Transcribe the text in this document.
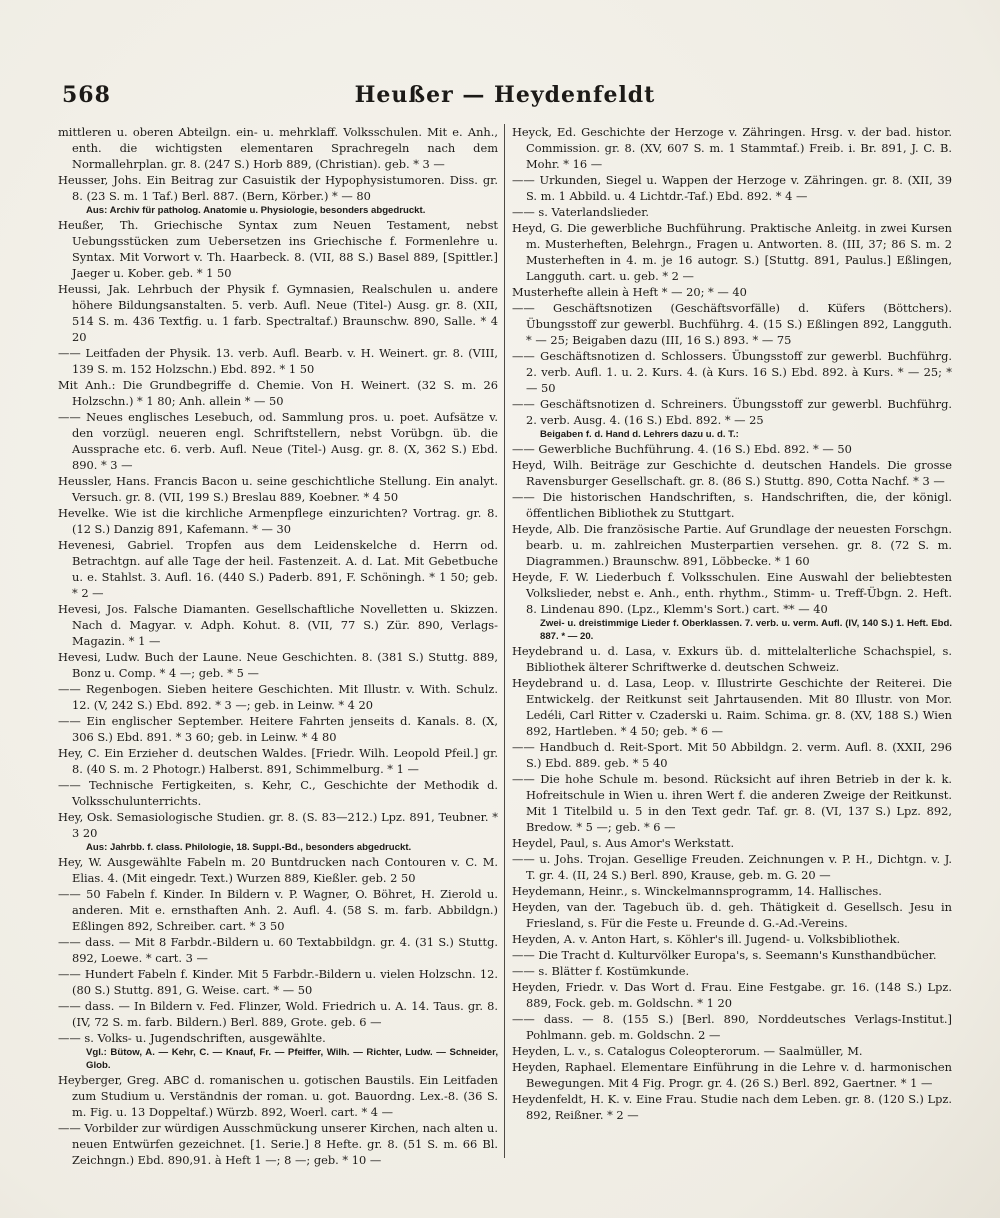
568	Heußer — Heydenfeldt

mittleren u. oberen Abteilgn. ein- u. mehrklaff. Volksschulen. Mit e. Anh., enth. die wichtigsten elementaren Sprachregeln nach dem Normallehrplan. gr. 8. (247 S.) Horb 889, (Christian). geb. * 3 —

Heusser, Johs. Ein Beitrag zur Casuistik der Hypophysistumoren. Diss. gr. 8. (23 S. m. 1 Taf.) Berl. 887. (Bern, Körber.) * — 80

Aus: Archiv für patholog. Anatomie u. Physiologie, besonders abgedruckt.

Heußer, Th. Griechische Syntax zum Neuen Testament, nebst Uebungsstücken zum Uebersetzen ins Griechische f. Formenlehre u. Syntax. Mit Vorwort v. Th. Haarbeck. 8. (VII, 88 S.) Basel 889, [Spittler.] Jaeger u. Kober. geb. * 1 50

Heussi, Jak. Lehrbuch der Physik f. Gymnasien, Realschulen u. andere höhere Bildungsanstalten. 5. verb. Aufl. Neue (Titel-) Ausg. gr. 8. (XII, 514 S. m. 436 Textfig. u. 1 farb. Spectraltaf.) Braunschw. 890, Salle. * 4 20

—— Leitfaden der Physik. 13. verb. Aufl. Bearb. v. H. Weinert. gr. 8. (VIII, 139 S. m. 152 Holzschn.) Ebd. 892. * 1 50

Mit Anh.: Die Grundbegriffe d. Chemie. Von H. Weinert. (32 S. m. 26 Holzschn.) * 1 80; Anh. allein * — 50

—— Neues englisches Lesebuch, od. Sammlung pros. u. poet. Aufsätze v. den vorzügl. neueren engl. Schriftstellern, nebst Vorübgn. üb. die Aussprache etc. 6. verb. Aufl. Neue (Titel-) Ausg. gr. 8. (X, 362 S.) Ebd. 890. * 3 —

Heussler, Hans. Francis Bacon u. seine geschichtliche Stellung. Ein analyt. Versuch. gr. 8. (VII, 199 S.) Breslau 889, Koebner. * 4 50

Hevelke. Wie ist die kirchliche Armenpflege einzurichten? Vortrag. gr. 8. (12 S.) Danzig 891, Kafemann. * — 30

Hevenesi, Gabriel. Tropfen aus dem Leidenskelche d. Herrn od. Betrachtgn. auf alle Tage der heil. Fastenzeit. A. d. Lat. Mit Gebetbuche u. e. Stahlst. 3. Aufl. 16. (440 S.) Paderb. 891, F. Schöningh. * 1 50; geb. * 2 —

Hevesi, Jos. Falsche Diamanten. Gesellschaftliche Novelletten u. Skizzen. Nach d. Magyar. v. Adph. Kohut. 8. (VII, 77 S.) Zür. 890, Verlags-Magazin. * 1 —

Hevesi, Ludw. Buch der Laune. Neue Geschichten. 8. (381 S.) Stuttg. 889, Bonz u. Comp. * 4 —; geb. * 5 —

—— Regenbogen. Sieben heitere Geschichten. Mit Illustr. v. With. Schulz. 12. (V, 242 S.) Ebd. 892. * 3 —; geb. in Leinw. * 4 20

—— Ein englischer September. Heitere Fahrten jenseits d. Kanals. 8. (X, 306 S.) Ebd. 891. * 3 60; geb. in Leinw. * 4 80

Hey, C. Ein Erzieher d. deutschen Waldes. [Friedr. Wilh. Leopold Pfeil.] gr. 8. (40 S. m. 2 Photogr.) Halberst. 891, Schimmelburg. * 1 —

—— Technische Fertigkeiten, s. Kehr, C., Geschichte der Methodik d. Volksschulunterrichts.

Hey, Osk. Semasiologische Studien. gr. 8. (S. 83—212.) Lpz. 891, Teubner. * 3 20

Aus: Jahrbb. f. class. Philologie, 18. Suppl.-Bd., besonders abgedruckt.

Hey, W. Ausgewählte Fabeln m. 20 Buntdrucken nach Contouren v. C. M. Elias. 4. (Mit eingedr. Text.) Wurzen 889, Kießler. geb. 2 50

—— 50 Fabeln f. Kinder. In Bildern v. P. Wagner, O. Böhret, H. Zierold u. anderen. Mit e. ernsthaften Anh. 2. Aufl. 4. (58 S. m. farb. Abbildgn.) Eßlingen 892, Schreiber. cart. * 3 50

—— dass. — Mit 8 Farbdr.-Bildern u. 60 Textabbildgn. gr. 4. (31 S.) Stuttg. 892, Loewe. * cart. 3 —

—— Hundert Fabeln f. Kinder. Mit 5 Farbdr.-Bildern u. vielen Holzschn. 12. (80 S.) Stuttg. 891, G. Weise. cart. * — 50

—— dass. — In Bildern v. Fed. Flinzer, Wold. Friedrich u. A. 14. Taus. gr. 8. (IV, 72 S. m. farb. Bildern.) Berl. 889, Grote. geb. 6 —

—— s. Volks- u. Jugendschriften, ausgewählte.

Vgl.: Bütow, A. — Kehr, C. — Knauf, Fr. — Pfeiffer, Wilh. — Richter, Ludw. — Schneider, Glob.

Heyberger, Greg. ABC d. romanischen u. gotischen Baustils. Ein Leitfaden zum Studium u. Verständnis der roman. u. got. Bauordng. Lex.-8. (36 S. m. Fig. u. 13 Doppeltaf.) Würzb. 892, Woerl. cart. * 4 —

—— Vorbilder zur würdigen Ausschmückung unserer Kirchen, nach alten u. neuen Entwürfen gezeichnet. [1. Serie.] 8 Hefte. gr. 8. (51 S. m. 66 Bl. Zeichngn.) Ebd. 890,91. à Heft 1 —; 8 —; geb. * 10 —

Heyck, Ed. Geschichte der Herzoge v. Zähringen. Hrsg. v. der bad. histor. Commission. gr. 8. (XV, 607 S. m. 1 Stammtaf.) Freib. i. Br. 891, J. C. B. Mohr. * 16 —

—— Urkunden, Siegel u. Wappen der Herzoge v. Zähringen. gr. 8. (XII, 39 S. m. 1 Abbild. u. 4 Lichtdr.-Taf.) Ebd. 892. * 4 —

—— s. Vaterlandslieder.

Heyd, G. Die gewerbliche Buchführung. Praktische Anleitg. in zwei Kursen m. Musterheften, Belehrgn., Fragen u. Antworten. 8. (III, 37; 86 S. m. 2 Musterheften in 4. m. je 16 autogr. S.) [Stuttg. 891, Paulus.] Eßlingen, Langguth. cart. u. geb. * 2 —

Musterhefte allein à Heft * — 20; * — 40

—— Geschäftsnotizen (Geschäftsvorfälle) d. Küfers (Böttchers). Übungsstoff zur gewerbl. Buchführg. 4. (15 S.) Eßlingen 892, Langguth. * — 25; Beigaben dazu (III, 16 S.) 893. * — 75

—— Geschäftsnotizen d. Schlossers. Übungsstoff zur gewerbl. Buchführg. 2. verb. Aufl. 1. u. 2. Kurs. 4. (à Kurs. 16 S.) Ebd. 892. à Kurs. * — 25; * — 50

—— Geschäftsnotizen d. Schreiners. Übungsstoff zur gewerbl. Buchführg. 2. verb. Ausg. 4. (16 S.) Ebd. 892. * — 25

Beigaben f. d. Hand d. Lehrers dazu u. d. T.:

—— Gewerbliche Buchführung. 4. (16 S.) Ebd. 892. * — 50

Heyd, Wilh. Beiträge zur Geschichte d. deutschen Handels. Die grosse Ravensburger Gesellschaft. gr. 8. (86 S.) Stuttg. 890, Cotta Nachf. * 3 —

—— Die historischen Handschriften, s. Handschriften, die, der königl. öffentlichen Bibliothek zu Stuttgart.

Heyde, Alb. Die französische Partie. Auf Grundlage der neuesten Forschgn. bearb. u. m. zahlreichen Musterpartien versehen. gr. 8. (72 S. m. Diagrammen.) Braunschw. 891, Löbbecke. * 1 60

Heyde, F. W. Liederbuch f. Volksschulen. Eine Auswahl der beliebtesten Volkslieder, nebst e. Anh., enth. rhythm., Stimm- u. Treff-Übgn. 2. Heft. 8. Lindenau 890. (Lpz., Klemm's Sort.) cart. ** — 40

Zwei- u. dreistimmige Lieder f. Oberklassen. 7. verb. u. verm. Aufl. (IV, 140 S.) 1. Heft. Ebd. 887. * — 20.

Heydebrand u. d. Lasa, v. Exkurs üb. d. mittelalterliche Schachspiel, s. Bibliothek älterer Schriftwerke d. deutschen Schweiz.

Heydebrand u. d. Lasa, Leop. v. Illustrirte Geschichte der Reiterei. Die Entwickelg. der Reitkunst seit Jahrtausenden. Mit 80 Illustr. von Mor. Ledéli, Carl Ritter v. Czaderski u. Raim. Schima. gr. 8. (XV, 188 S.) Wien 892, Hartleben. * 4 50; geb. * 6 —

—— Handbuch d. Reit-Sport. Mit 50 Abbildgn. 2. verm. Aufl. 8. (XXII, 296 S.) Ebd. 889. geb. * 5 40

—— Die hohe Schule m. besond. Rücksicht auf ihren Betrieb in der k. k. Hofreitschule in Wien u. ihren Wert f. die anderen Zweige der Reitkunst. Mit 1 Titelbild u. 5 in den Text gedr. Taf. gr. 8. (VI, 137 S.) Lpz. 892, Bredow. * 5 —; geb. * 6 —

Heydel, Paul, s. Aus Amor's Werkstatt.

—— u. Johs. Trojan. Gesellige Freuden. Zeichnungen v. P. H., Dichtgn. v. J. T. gr. 4. (II, 24 S.) Berl. 890, Krause, geb. m. G. 20 —

Heydemann, Heinr., s. Winckelmannsprogramm, 14. Hallisches.

Heyden, van der. Tagebuch üb. d. geh. Thätigkeit d. Gesellsch. Jesu in Friesland, s. Für die Feste u. Freunde d. G.-Ad.-Vereins.

Heyden, A. v. Anton Hart, s. Köhler's ill. Jugend- u. Volksbibliothek.

—— Die Tracht d. Kulturvölker Europa's, s. Seemann's Kunsthandbücher.

—— s. Blätter f. Kostümkunde.

Heyden, Friedr. v. Das Wort d. Frau. Eine Festgabe. gr. 16. (148 S.) Lpz. 889, Fock. geb. m. Goldschn. * 1 20

—— dass. — 8. (155 S.) [Berl. 890, Norddeutsches Verlags-Institut.] Pohlmann. geb. m. Goldschn. 2 —

Heyden, L. v., s. Catalogus Coleopterorum. — Saalmüller, M.

Heyden, Raphael. Elementare Einführung in die Lehre v. d. harmonischen Bewegungen. Mit 4 Fig. Progr. gr. 4. (26 S.) Berl. 892, Gaertner. * 1 —

Heydenfeldt, H. K. v. Eine Frau. Studie nach dem Leben. gr. 8. (120 S.) Lpz. 892, Reißner. * 2 —
